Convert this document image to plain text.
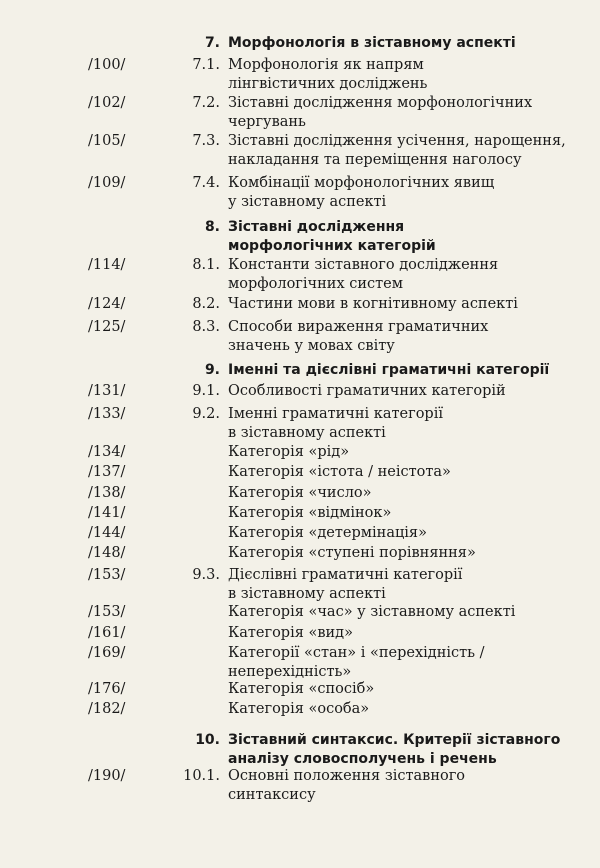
7. Морфонологія в зіставному аспекті
/100/	7.1. Морфонологія як напрям
лінгвістичних досліджень
/102/	7.2. Зіставні дослідження морфонологічних
чергувань
/105/	7.3. Зіставні дослідження усічення, нарощення,
накладання та переміщення наголосу
/109/	7.4. Комбінації морфонологічних явищ
у зіставному аспекті
8. Зіставні дослідження
морфологічних категорій
/114/	8.1. Константи зіставного дослідження
морфологічних систем
/124/	8.2. Частини мови в когнітивному аспекті
/125/	8.3. Способи вираження граматичних
значень у мовах світу
9. Іменні та дієслівні граматичні категорії
/131/	9.1. Особливості граматичних категорій
/133/	9.2. Іменні граматичні категорії
в зіставному аспекті
/134/	Категорія «рід»
/137/	Категорія «істота / неістота»
/138/	Категорія «число»
/141/	Категорія «відмінок»
/144/	Категорія «детермінація»
/148/	Категорія «ступені порівняння»
/153/	9.3. Дієслівні граматичні категорії
в зіставному аспекті
/153/	Категорія «час» у зіставному аспекті
/161/	Категорія «вид»
/169/	Категорії «стан» і «перехідність /
неперехідність»
/176/	Категорія «спосіб»
/182/	Категорія «особа»
10. Зіставний синтаксис. Критерії зіставного
аналізу словосполучень і речень
/190/	10.1. Основні положення зіставного
синтаксису
